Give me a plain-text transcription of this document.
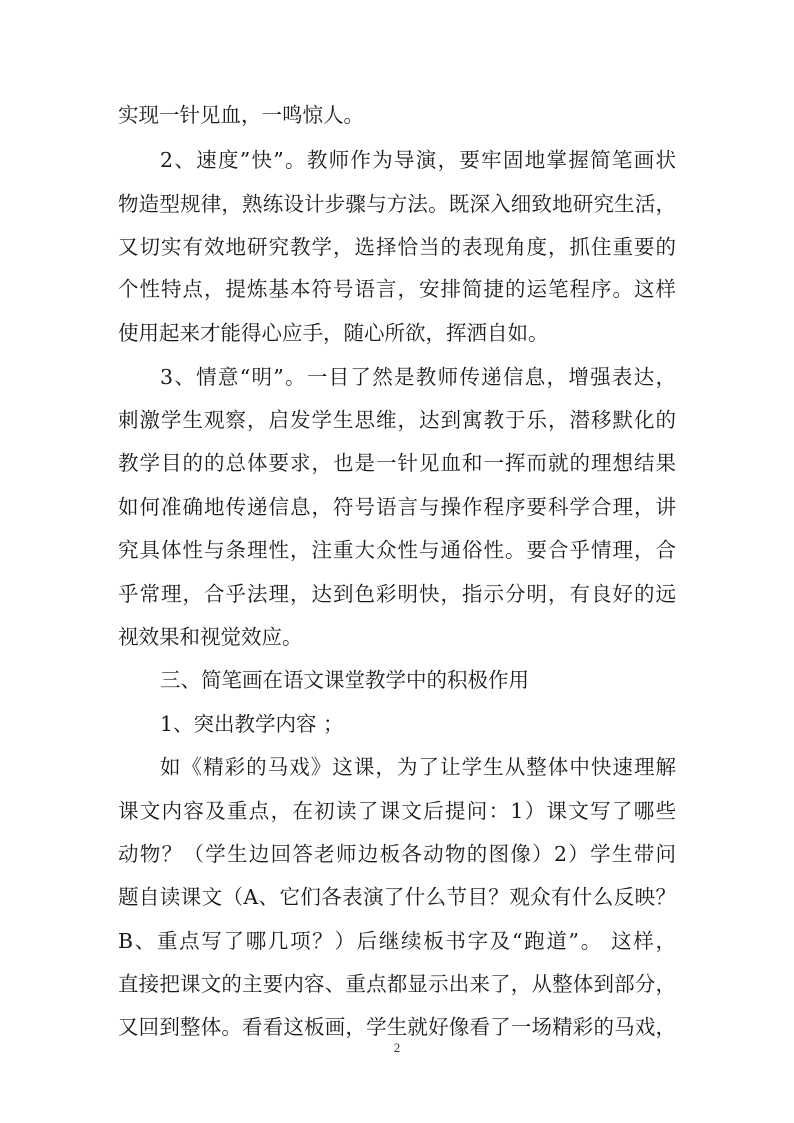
实现一针见血，一鸣惊人。
2、速度”快”。教师作为导演，要牢固地掌握简笔画状
物造型规律，熟练设计步骤与方法。既深入细致地研究生活，
又切实有效地研究教学，选择恰当的表现角度，抓住重要的
个性特点，提炼基本符号语言，安排简捷的运笔程序。这样
使用起来才能得心应手，随心所欲，挥洒自如。
3、情意“明”。一目了然是教师传递信息，增强表达，
刺激学生观察，启发学生思维，达到寓教于乐，潜移默化的
教学目的的总体要求，也是一针见血和一挥而就的理想结果
如何准确地传递信息，符号语言与操作程序要科学合理，讲
究具体性与条理性，注重大众性与通俗性。要合乎情理，合
乎常理，合乎法理，达到色彩明快，指示分明，有良好的远
视效果和视觉效应。
三、简笔画在语文课堂教学中的积极作用
1、突出教学内容 ；
如《精彩的马戏》这课，为了让学生从整体中快速理解
课文内容及重点，在初读了课文后提问：1）课文写了哪些
动物？（学生边回答老师边板各动物的图像）2）学生带问
题自读课文（A、它们各表演了什么节目？观众有什么反映？
B、重点写了哪几项？）后继续板书字及“跑道”。 这样，
直接把课文的主要内容、重点都显示出来了，从整体到部分，
又回到整体。看看这板画，学生就好像看了一场精彩的马戏，
2
